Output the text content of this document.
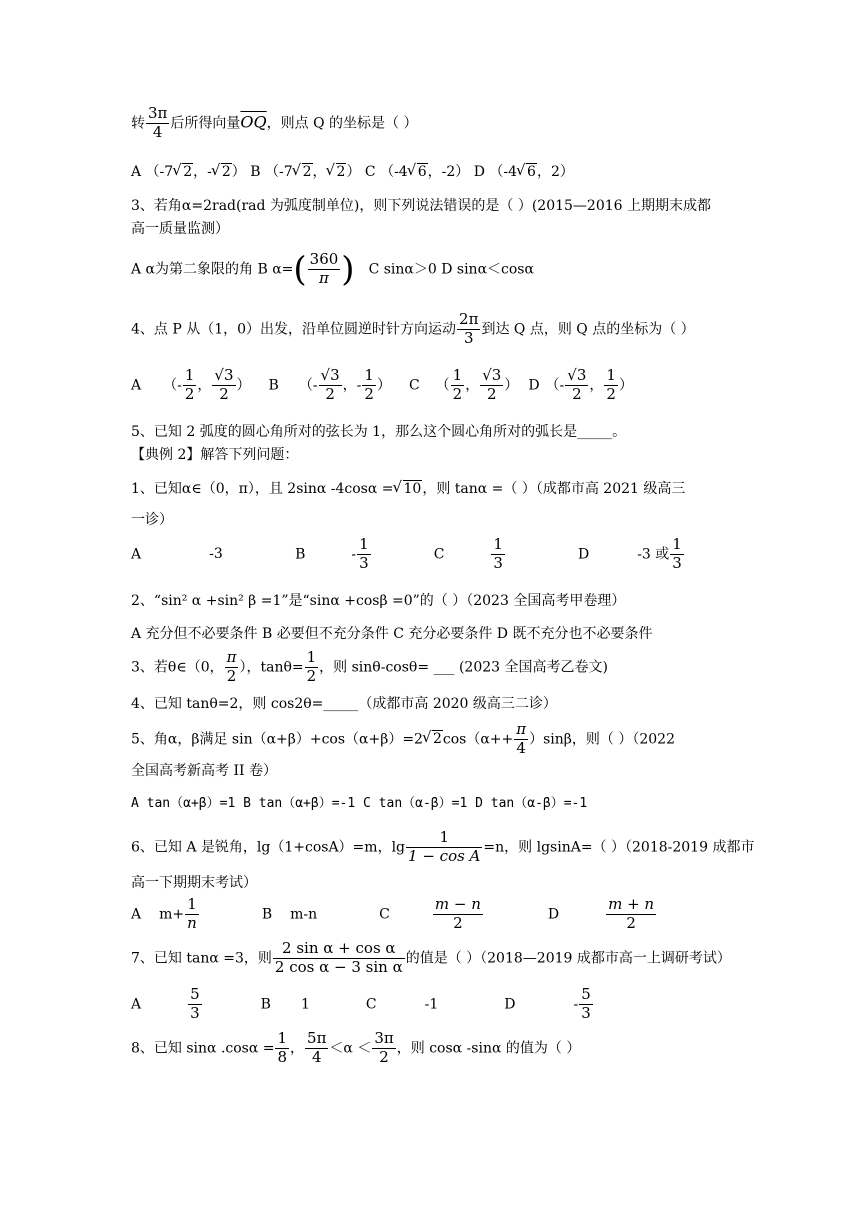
转 $\frac{3\pi}{4}$ 后所得向量$\overline{OQ}$，则点 Q 的坐标是（ ）
A （-7 √ 2，- √ 2） B （-7 √ 2， √ 2） C （-4 √ 6，-2） D （-4 √ 6，2）
3、若角α=2rad(rad 为弧度制单位)，则下列说法错误的是（ ）(2015—2016 上期期末成都
高一质量监测）
A α为第二象限的角 B $\alpha=( \frac{360}{\pi}$ ) C sinα＞0 D sinα＜cosα
4、点 P 从（1，0）出发，沿单位圆逆时针方向运动 $\frac{2\pi}{3}$ 到达 Q 点，则 Q 点的坐标为（ ）
A （- $\frac{1}{2}$ ， $\frac{√3}{2}$ ） B （- $\frac{√3}{2}$ ，- $\frac{1}{2}$ ） C （ $\frac{1}{2}$ ， $\frac{√3}{2}$ ） D （- $\frac{√3}{2}$ ， $\frac{1}{2}$ ）
5、已知 2 弧度的圆心角所对的弦长为 1，那么这个圆心角所对的弧长是_____。
【典例 2】解答下列问题：
1、已知α∈（0，π），且 2sinα -4cosα = √ 10，则 tanα =（ ）（成都市高 2021 级高三
一诊）
A	-3	B	- $\frac{1}{3}$	C	$\frac{1}{3}$	D	-3 或 $\frac{1}{3}$
2、“sin² α +sin² β =1”是“sinα +cosβ =0”的（ ）（2023 全国高考甲卷理）
A 充分但不必要条件 B 必要但不充分条件 C 充分必要条件 D 既不充分也不必要条件
3、若θ∈（0， $\frac{\pi}{2}$ ），$\tan\theta= \frac{1}{2}$ ，则 sinθ-cosθ= ___ (2023 全国高考乙卷文)
4、已知 tanθ=2，则 cos2θ=_____（成都市高 2020 级高三二诊）
5、角α，β满足 sin（α+β）+cos（α+β）=2 √ $2\cos(\alpha++ \frac{\pi}{4} )\sin\beta$，则（ ）（2022
全国高考新高考 II 卷）
A tan（α+β）=1 B tan（α+β）=-1 C tan（α-β）=1 D tan（α-β）=-1
6、已知 A 是锐角，lg（1+cosA）=m，$\lg \frac{1}{\text{1 − cos A}} =n$，则 lgsinA=（ ）（2018-2019 成都市
高一下期期末考试）
A $m+ \frac{1}{n}$	B m-n	C	$\frac{m - n}{2}$	D	$\frac{m + n}{2}$
7、已知 tanα =3，则 $\frac{\text{2 sin α + cos α}}{\text{2 cos α − 3 sin α}}$ 的值是（ ）（2018—2019 成都市高一上调研考试）
A	$\frac{5}{3}$	B 1	C	-1	D	- $\frac{5}{3}$
8、已知 sinα $.\cos\alpha = \frac{1}{8}$ ， $\frac{5\pi}{4} <\alpha < \frac{3\pi}{2}$ ，则 cosα -sinα 的值为（ ）
